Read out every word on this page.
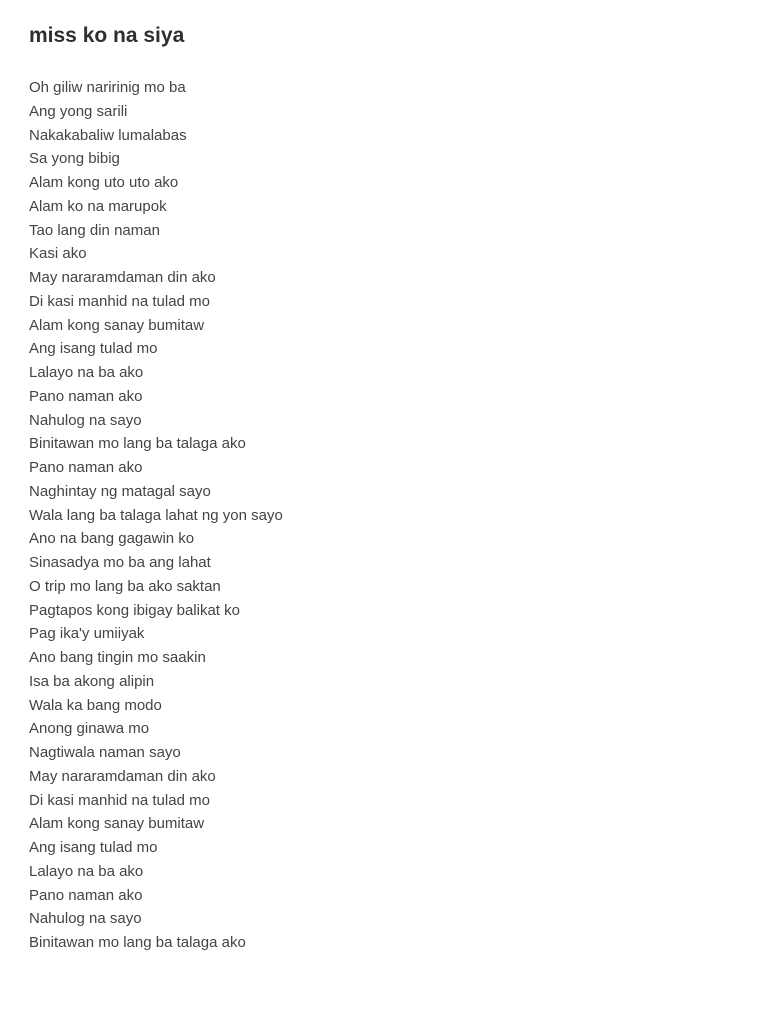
miss ko na siya
Oh giliw naririnig mo ba
Ang yong sarili
Nakakabaliw lumalabas
Sa yong bibig
Alam kong uto uto ako
Alam ko na marupok
Tao lang din naman
Kasi ako
May nararamdaman din ako
Di kasi manhid na tulad mo
Alam kong sanay bumitaw
Ang isang tulad mo
Lalayo na ba ako
Pano naman ako
Nahulog na sayo
Binitawan mo lang ba talaga ako
Pano naman ako
Naghintay ng matagal sayo
Wala lang ba talaga lahat ng yon sayo
Ano na bang gagawin ko
Sinasadya mo ba ang lahat
O trip mo lang ba ako saktan
Pagtapos kong ibigay balikat ko
Pag ika'y umiiyak
Ano bang tingin mo saakin
Isa ba akong alipin
Wala ka bang modo
Anong ginawa mo
Nagtiwala naman sayo
May nararamdaman din ako
Di kasi manhid na tulad mo
Alam kong sanay bumitaw
Ang isang tulad mo
Lalayo na ba ako
Pano naman ako
Nahulog na sayo
Binitawan mo lang ba talaga ako
